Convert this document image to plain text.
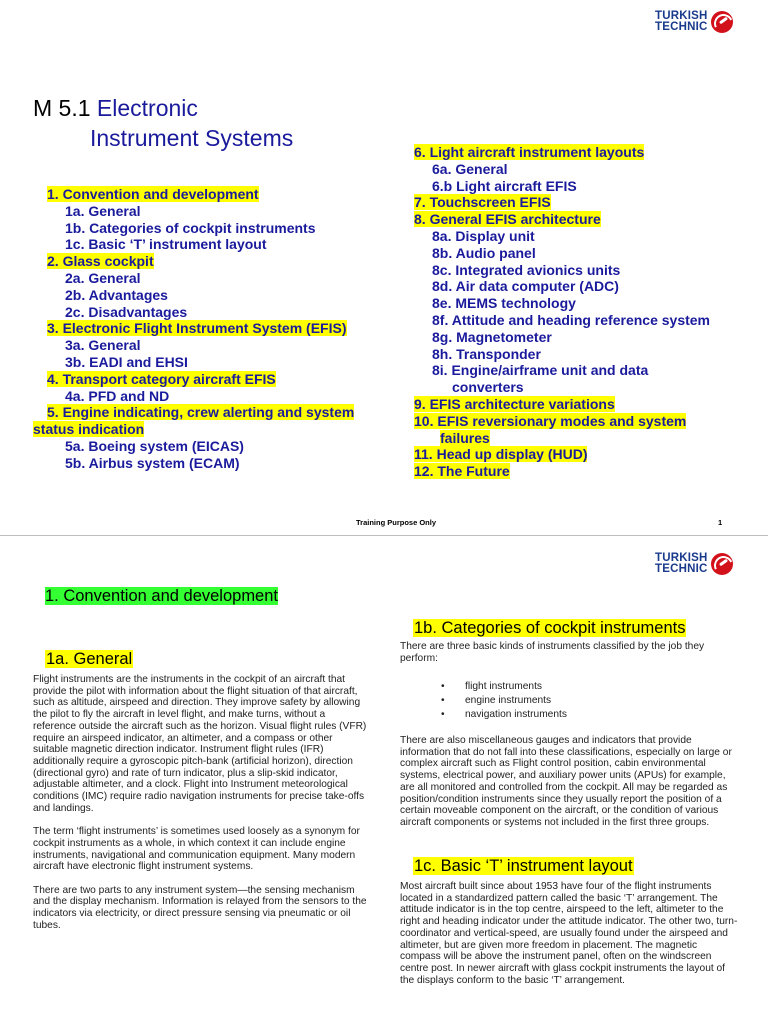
TURKISH
TECHNIC
M 5.1 Electronic
Instrument Systems
1. Convention and development
1a. General
1b. Categories of cockpit instruments
1c. Basic ‘T’ instrument layout
2. Glass cockpit
2a. General
2b. Advantages
2c. Disadvantages
3. Electronic Flight Instrument System (EFIS)
3a. General
3b. EADI and EHSI
4. Transport category aircraft EFIS
4a. PFD and ND
5. Engine indicating, crew alerting and system
status indication
5a. Boeing system (EICAS)
5b. Airbus system (ECAM)
6. Light aircraft instrument layouts
6a. General
6.b Light aircraft EFIS
7. Touchscreen EFIS
8. General EFIS architecture
8a. Display unit
8b. Audio panel
8c. Integrated avionics units
8d. Air data computer (ADC)
8e. MEMS technology
8f. Attitude and heading reference system
8g. Magnetometer
8h. Transponder
8i. Engine/airframe unit and data
converters
9. EFIS architecture variations
10. EFIS reversionary modes and system
failures
11. Head up display (HUD)
12. The Future
Training Purpose Only	1
TURKISH
TECHNIC
1. Convention and development
1a. General

Flight instruments are the instruments in the cockpit of an aircraft that provide the pilot with information about the flight situation of that aircraft, such as altitude, airspeed and direction. They improve safety by allowing the pilot to fly the aircraft in level flight, and make turns, without a reference outside the aircraft such as the horizon. Visual flight rules (VFR) require an airspeed indicator, an altimeter, and a compass or other suitable magnetic direction indicator. Instrument flight rules (IFR) additionally require a gyroscopic pitch-bank (artificial horizon), direction (directional gyro) and rate of turn indicator, plus a slip-skid indicator, adjustable altimeter, and a clock. Flight into Instrument meteorological conditions (IMC) require radio navigation instruments for precise take-offs and landings.

The term ‘flight instruments’ is sometimes used loosely as a synonym for cockpit instruments as a whole, in which context it can include engine instruments, navigational and communication equipment. Many modern aircraft have electronic flight instrument systems.

There are two parts to any instrument system—the sensing mechanism and the display mechanism. Information is relayed from the sensors to the indicators via electricity, or direct pressure sensing via pneumatic or oil tubes.

1b. Categories of cockpit instruments
There are three basic kinds of instruments classified by the job they perform:
• flight instruments
• engine instruments
• navigation instruments
There are also miscellaneous gauges and indicators that provide information that do not fall into these classifications, especially on large or complex aircraft such as Flight control position, cabin environmental systems, electrical power, and auxiliary power units (APUs) for example, are all monitored and controlled from the cockpit. All may be regarded as position/condition instruments since they usually report the position of a certain moveable component on the aircraft, or the condition of various aircraft components or systems not included in the first three groups.
1c. Basic ‘T’ instrument layout
Most aircraft built since about 1953 have four of the flight instruments located in a standardized pattern called the basic ‘T’ arrangement. The attitude indicator is in the top centre, airspeed to the left, altimeter to the right and heading indicator under the attitude indicator. The other two, turn-coordinator and vertical-speed, are usually found under the airspeed and altimeter, but are given more freedom in placement. The magnetic compass will be above the instrument panel, often on the windscreen centre post. In newer aircraft with glass cockpit instruments the layout of the displays conform to the basic ‘T’ arrangement.
